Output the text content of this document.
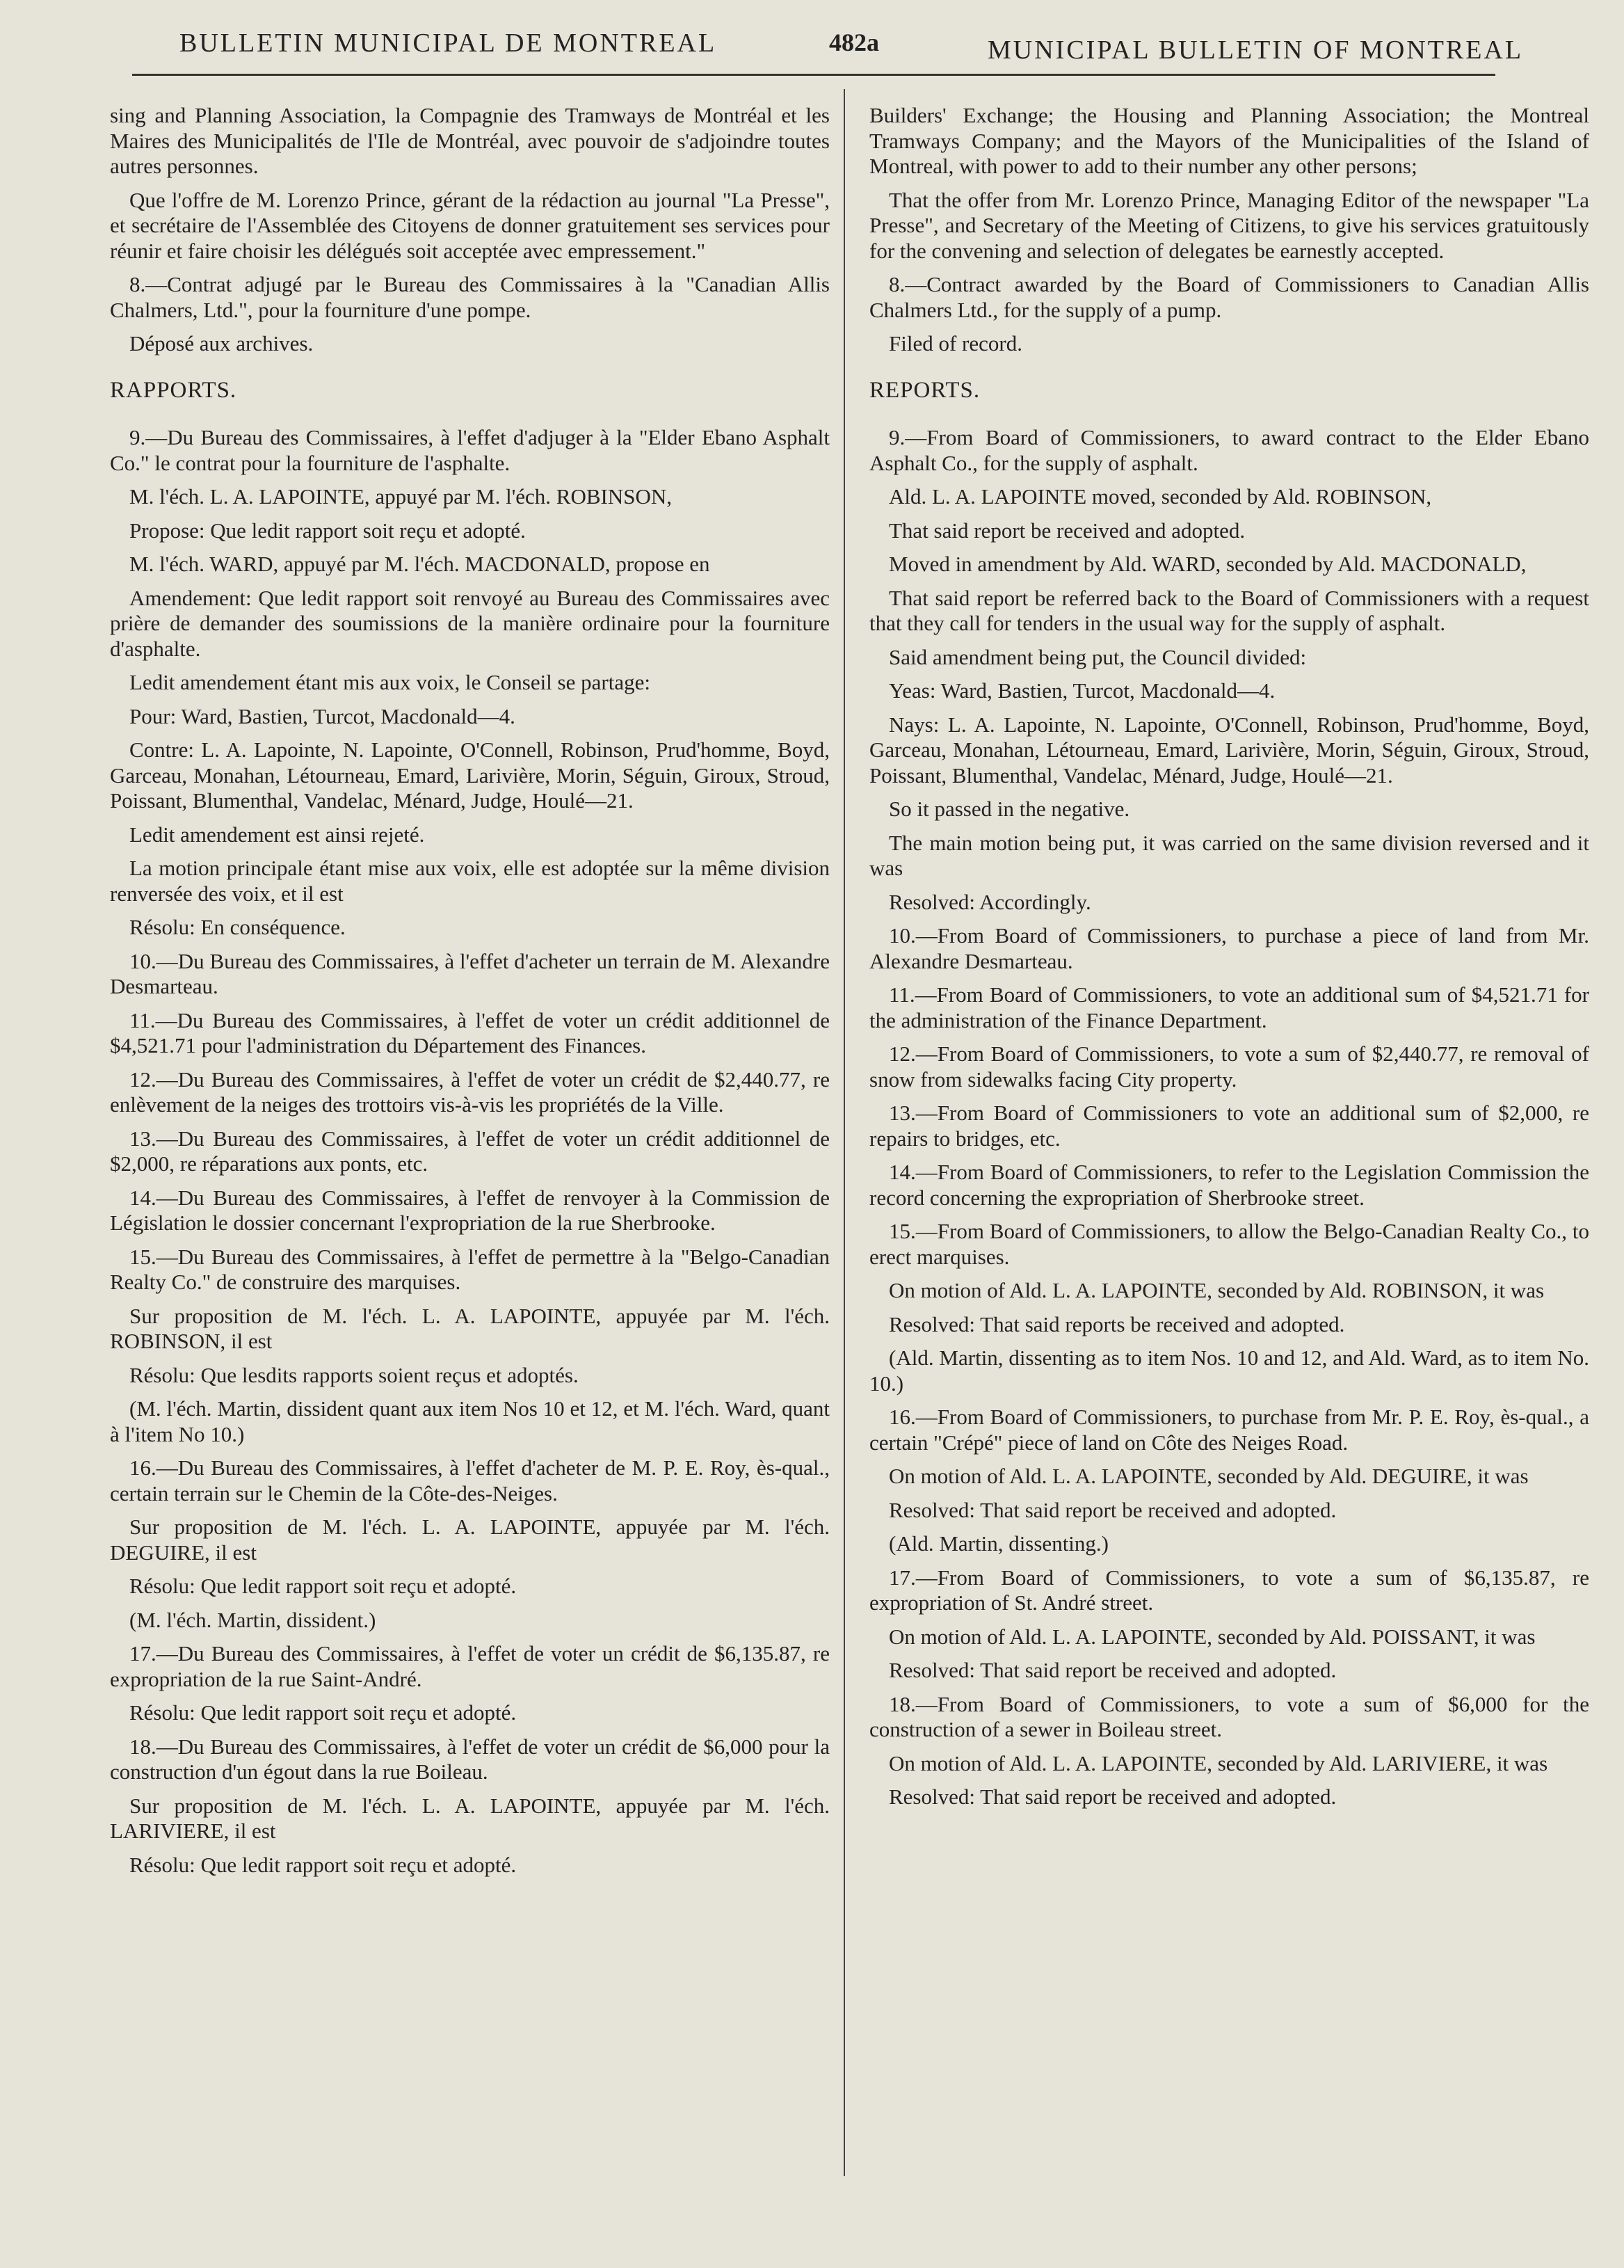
BULLETIN MUNICIPAL DE MONTREAL	482a	MUNICIPAL BULLETIN OF MONTREAL

sing and Planning Association, la Compagnie des Tramways de Montréal et les Maires des Municipalités de l'Ile de Montréal, avec pouvoir de s'adjoindre toutes autres personnes.

Que l'offre de M. Lorenzo Prince, gérant de la rédaction au journal "La Presse", et secrétaire de l'Assemblée des Citoyens de donner gratuitement ses services pour réunir et faire choisir les délégués soit acceptée avec empressement."

8.—Contrat adjugé par le Bureau des Commissaires à la "Canadian Allis Chalmers, Ltd.", pour la fourniture d'une pompe.

Déposé aux archives.

RAPPORTS.

9.—Du Bureau des Commissaires, à l'effet d'adjuger à la "Elder Ebano Asphalt Co." le contrat pour la fourniture de l'asphalte.

M. l'éch. L. A. LAPOINTE, appuyé par M. l'éch. ROBINSON,

Propose: Que ledit rapport soit reçu et adopté.

M. l'éch. WARD, appuyé par M. l'éch. MACDONALD, propose en

Amendement: Que ledit rapport soit renvoyé au Bureau des Commissaires avec prière de demander des soumissions de la manière ordinaire pour la fourniture d'asphalte.

Ledit amendement étant mis aux voix, le Conseil se partage:

Pour: Ward, Bastien, Turcot, Macdonald—4.

Contre: L. A. Lapointe, N. Lapointe, O'Connell, Robinson, Prud'homme, Boyd, Garceau, Monahan, Létourneau, Emard, Larivière, Morin, Séguin, Giroux, Stroud, Poissant, Blumenthal, Vandelac, Ménard, Judge, Houlé—21.

Ledit amendement est ainsi rejeté.

La motion principale étant mise aux voix, elle est adoptée sur la même division renversée des voix, et il est

Résolu: En conséquence.

10.—Du Bureau des Commissaires, à l'effet d'acheter un terrain de M. Alexandre Desmarteau.

11.—Du Bureau des Commissaires, à l'effet de voter un crédit additionnel de $4,521.71 pour l'administration du Département des Finances.

12.—Du Bureau des Commissaires, à l'effet de voter un crédit de $2,440.77, re enlèvement de la neiges des trottoirs vis-à-vis les propriétés de la Ville.

13.—Du Bureau des Commissaires, à l'effet de voter un crédit additionnel de $2,000, re réparations aux ponts, etc.

14.—Du Bureau des Commissaires, à l'effet de renvoyer à la Commission de Législation le dossier concernant l'expropriation de la rue Sherbrooke.

15.—Du Bureau des Commissaires, à l'effet de permettre à la "Belgo-Canadian Realty Co." de construire des marquises.

Sur proposition de M. l'éch. L. A. LAPOINTE, appuyée par M. l'éch. ROBINSON, il est

Résolu: Que lesdits rapports soient reçus et adoptés.

(M. l'éch. Martin, dissident quant aux item Nos 10 et 12, et M. l'éch. Ward, quant à l'item No 10.)

16.—Du Bureau des Commissaires, à l'effet d'acheter de M. P. E. Roy, ès-qual., certain terrain sur le Chemin de la Côte-des-Neiges.

Sur proposition de M. l'éch. L. A. LAPOINTE, appuyée par M. l'éch. DEGUIRE, il est

Résolu: Que ledit rapport soit reçu et adopté.

(M. l'éch. Martin, dissident.)

17.—Du Bureau des Commissaires, à l'effet de voter un crédit de $6,135.87, re expropriation de la rue Saint-André.

Résolu: Que ledit rapport soit reçu et adopté.

18.—Du Bureau des Commissaires, à l'effet de voter un crédit de $6,000 pour la construction d'un égout dans la rue Boileau.

Sur proposition de M. l'éch. L. A. LAPOINTE, appuyée par M. l'éch. LARIVIERE, il est

Résolu: Que ledit rapport soit reçu et adopté.

Builders' Exchange; the Housing and Planning Association; the Montreal Tramways Company; and the Mayors of the Municipalities of the Island of Montreal, with power to add to their number any other persons;

That the offer from Mr. Lorenzo Prince, Managing Editor of the newspaper "La Presse", and Secretary of the Meeting of Citizens, to give his services gratuitously for the convening and selection of delegates be earnestly accepted.

8.—Contract awarded by the Board of Commissioners to Canadian Allis Chalmers Ltd., for the supply of a pump.

Filed of record.

REPORTS.

9.—From Board of Commissioners, to award contract to the Elder Ebano Asphalt Co., for the supply of asphalt.

Ald. L. A. LAPOINTE moved, seconded by Ald. ROBINSON,

That said report be received and adopted.

Moved in amendment by Ald. WARD, seconded by Ald. MACDONALD,

That said report be referred back to the Board of Commissioners with a request that they call for tenders in the usual way for the supply of asphalt.

Said amendment being put, the Council divided:

Yeas: Ward, Bastien, Turcot, Macdonald—4.

Nays: L. A. Lapointe, N. Lapointe, O'Connell, Robinson, Prud'homme, Boyd, Garceau, Monahan, Létourneau, Emard, Larivière, Morin, Séguin, Giroux, Stroud, Poissant, Blumenthal, Vandelac, Ménard, Judge, Houlé—21.

So it passed in the negative.

The main motion being put, it was carried on the same division reversed and it was

Resolved: Accordingly.

10.—From Board of Commissioners, to purchase a piece of land from Mr. Alexandre Desmarteau.

11.—From Board of Commissioners, to vote an additional sum of $4,521.71 for the administration of the Finance Department.

12.—From Board of Commissioners, to vote a sum of $2,440.77, re removal of snow from sidewalks facing City property.

13.—From Board of Commissioners to vote an additional sum of $2,000, re repairs to bridges, etc.

14.—From Board of Commissioners, to refer to the Legislation Commission the record concerning the expropriation of Sherbrooke street.

15.—From Board of Commissioners, to allow the Belgo-Canadian Realty Co., to erect marquises.

On motion of Ald. L. A. LAPOINTE, seconded by Ald. ROBINSON, it was

Resolved: That said reports be received and adopted.

(Ald. Martin, dissenting as to item Nos. 10 and 12, and Ald. Ward, as to item No. 10.)

16.—From Board of Commissioners, to purchase from Mr. P. E. Roy, ès-qual., a certain "Crépé" piece of land on Côte des Neiges Road.

On motion of Ald. L. A. LAPOINTE, seconded by Ald. DEGUIRE, it was

Resolved: That said report be received and adopted.

(Ald. Martin, dissenting.)

17.—From Board of Commissioners, to vote a sum of $6,135.87, re expropriation of St. André street.

On motion of Ald. L. A. LAPOINTE, seconded by Ald. POISSANT, it was

Resolved: That said report be received and adopted.

18.—From Board of Commissioners, to vote a sum of $6,000 for the construction of a sewer in Boileau street.

On motion of Ald. L. A. LAPOINTE, seconded by Ald. LARIVIERE, it was

Resolved: That said report be received and adopted.
